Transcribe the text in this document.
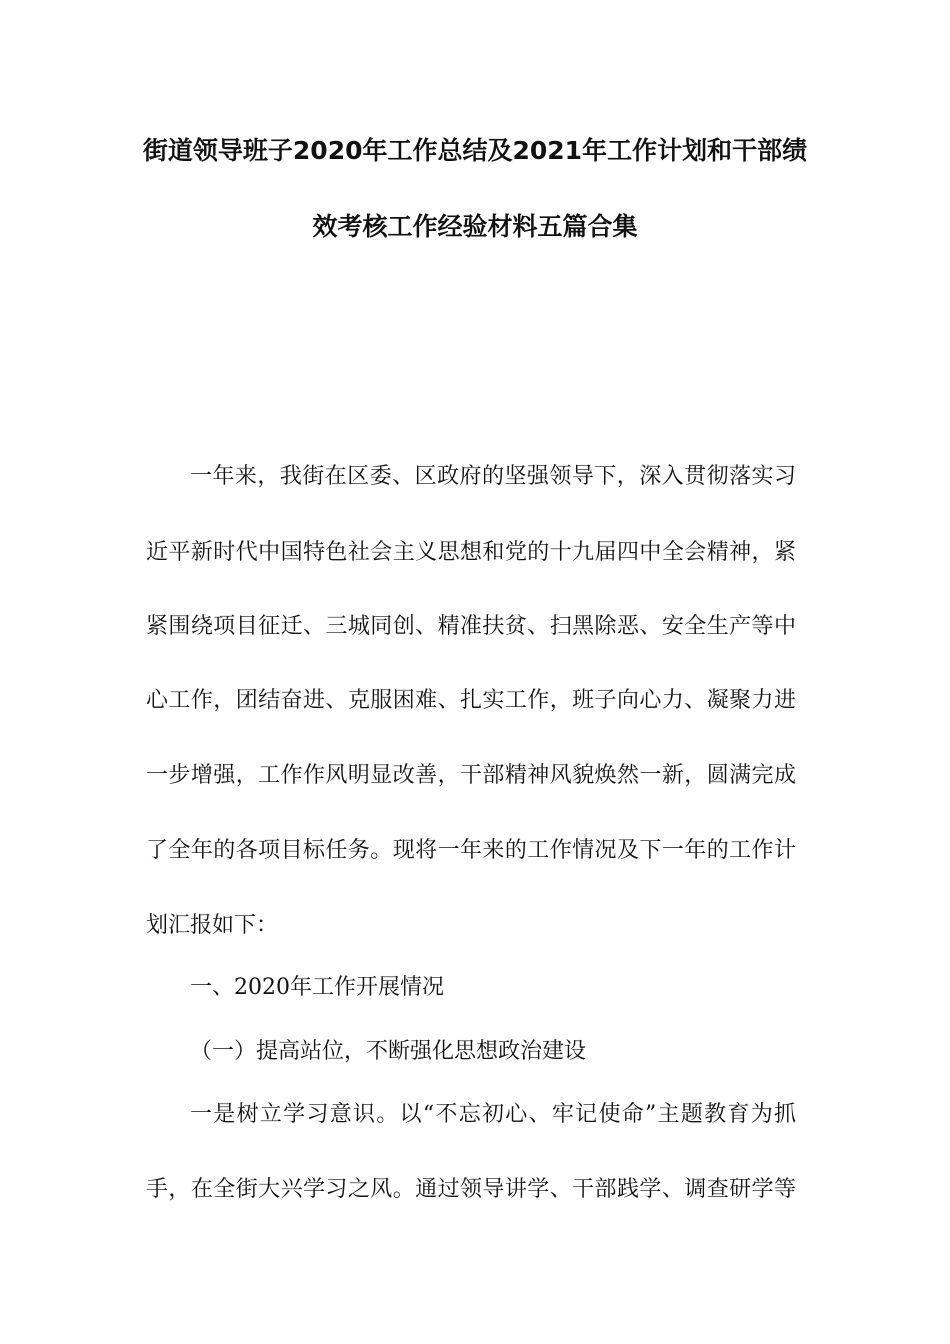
街道领导班子2020年工作总结及2021年工作计划和干部绩
效考核工作经验材料五篇合集
一年来，我街在区委、区政府的坚强领导下，深入贯彻落实习
近平新时代中国特色社会主义思想和党的十九届四中全会精神，紧
紧围绕项目征迁、三城同创、精准扶贫、扫黑除恶、安全生产等中
心工作，团结奋进、克服困难、扎实工作，班子向心力、凝聚力进
一步增强，工作作风明显改善，干部精神风貌焕然一新，圆满完成
了全年的各项目标任务。现将一年来的工作情况及下一年的工作计
划汇报如下：
一、2020年工作开展情况
（一）提高站位，不断强化思想政治建设
一是树立学习意识。以“不忘初心、牢记使命”主题教育为抓
手，在全街大兴学习之风。通过领导讲学、干部践学、调查研学等
